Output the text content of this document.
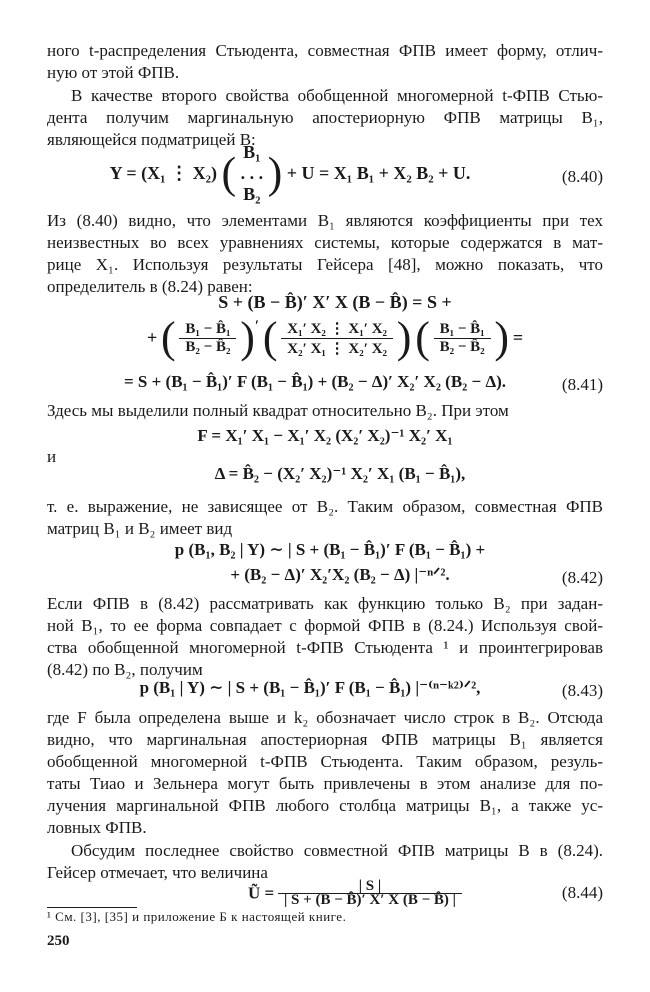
ного t-распределения Стьюдента, совместная ФПВ имеет форму, отлич-
ную от этой ФПВ.
В качестве второго свойства обобщенной многомерной t-ФПВ Стью-
дента получим маргинальную апостериорную ФПВ матрицы B₁,
являющейся подматрицей B:
Y = (X₁ ⋮ X₂) ( B₁
. . .
B₂ ) + U = X₁ B₁ + X₂ B₂ + U.	(8.40)
Из (8.40) видно, что элементами B₁ являются коэффициенты при тех
неизвестных во всех уравнениях системы, которые содержатся в мат-
рице X₁. Используя результаты Гейсера [48], можно показать, что
определитель в (8.24) равен:
S + (B − B̂)′ X′ X (B − B̂) = S +
+ ( $\frac{\text{B₁ − B̂₁}}{\text{B₂ − B̂₂}}$ )′ ( $\frac{\text{X₁′ X₂ ⋮ X₁′ X₂}}{\text{X₂′ X₁ ⋮ X₂′ X₂}}$ ) ( $\frac{\text{B₁ − B̂₁}}{\text{B₂ − B̂₂}}$ ) =
= S + (B₁ − B̂₁)′ F (B₁ − B̂₁) + (B₂ − Δ)′ X₂′ X₂ (B₂ − Δ).	(8.41)
Здесь мы выделили полный квадрат относительно B₂. При этом
F = X₁′ X₁ − X₁′ X₂ (X₂′ X₂)⁻¹ X₂′ X₁
и
Δ = B̂₂ − (X₂′ X₂)⁻¹ X₂′ X₁ (B₁ − B̂₁),
т. е. выражение, не зависящее от B₂. Таким образом, совместная ФПВ
матриц B₁ и B₂ имеет вид
p (B₁, B₂ | Y) ∼ | S + (B₁ − B̂₁)′ F (B₁ − B̂₁) +
+ (B₂ − Δ)′ X₂′X₂ (B₂ − Δ) |⁻ⁿᐟ².	(8.42)
Если ФПВ в (8.42) рассматривать как функцию только B₂ при задан-
ной B₁, то ее форма совпадает с формой ФПВ в (8.24.) Используя свой-
ства обобщенной многомерной t-ФПВ Стьюдента ¹ и проинтегрировав
(8.42) по B₂, получим
p (B₁ | Y) ∼ | S + (B₁ − B̂₁)′ F (B₁ − B̂₁) |⁻⁽ⁿ⁻ᵏ²⁾ᐟ²,	(8.43)
где F была определена выше и k₂ обозначает число строк в B₂. Отсюда
видно, что маргинальная апостериорная ФПВ матрицы B₁ является
обобщенной многомерной t-ФПВ Стьюдента. Таким образом, резуль-
таты Тиао и Зельнера могут быть привлечены в этом анализе для по-
лучения маргинальной ФПВ любого столбца матрицы B₁, а также ус-
ловных ФПВ.
Обсудим последнее свойство совместной ФПВ матрицы B в (8.24).
Гейсер отмечает, что величина
Ũ = $\frac{| S |}{| S + (B - B̂)' X' X (B - B̂) |}$	(8.44)
¹ См. [3], [35] и приложение Б к настоящей книге.
250
